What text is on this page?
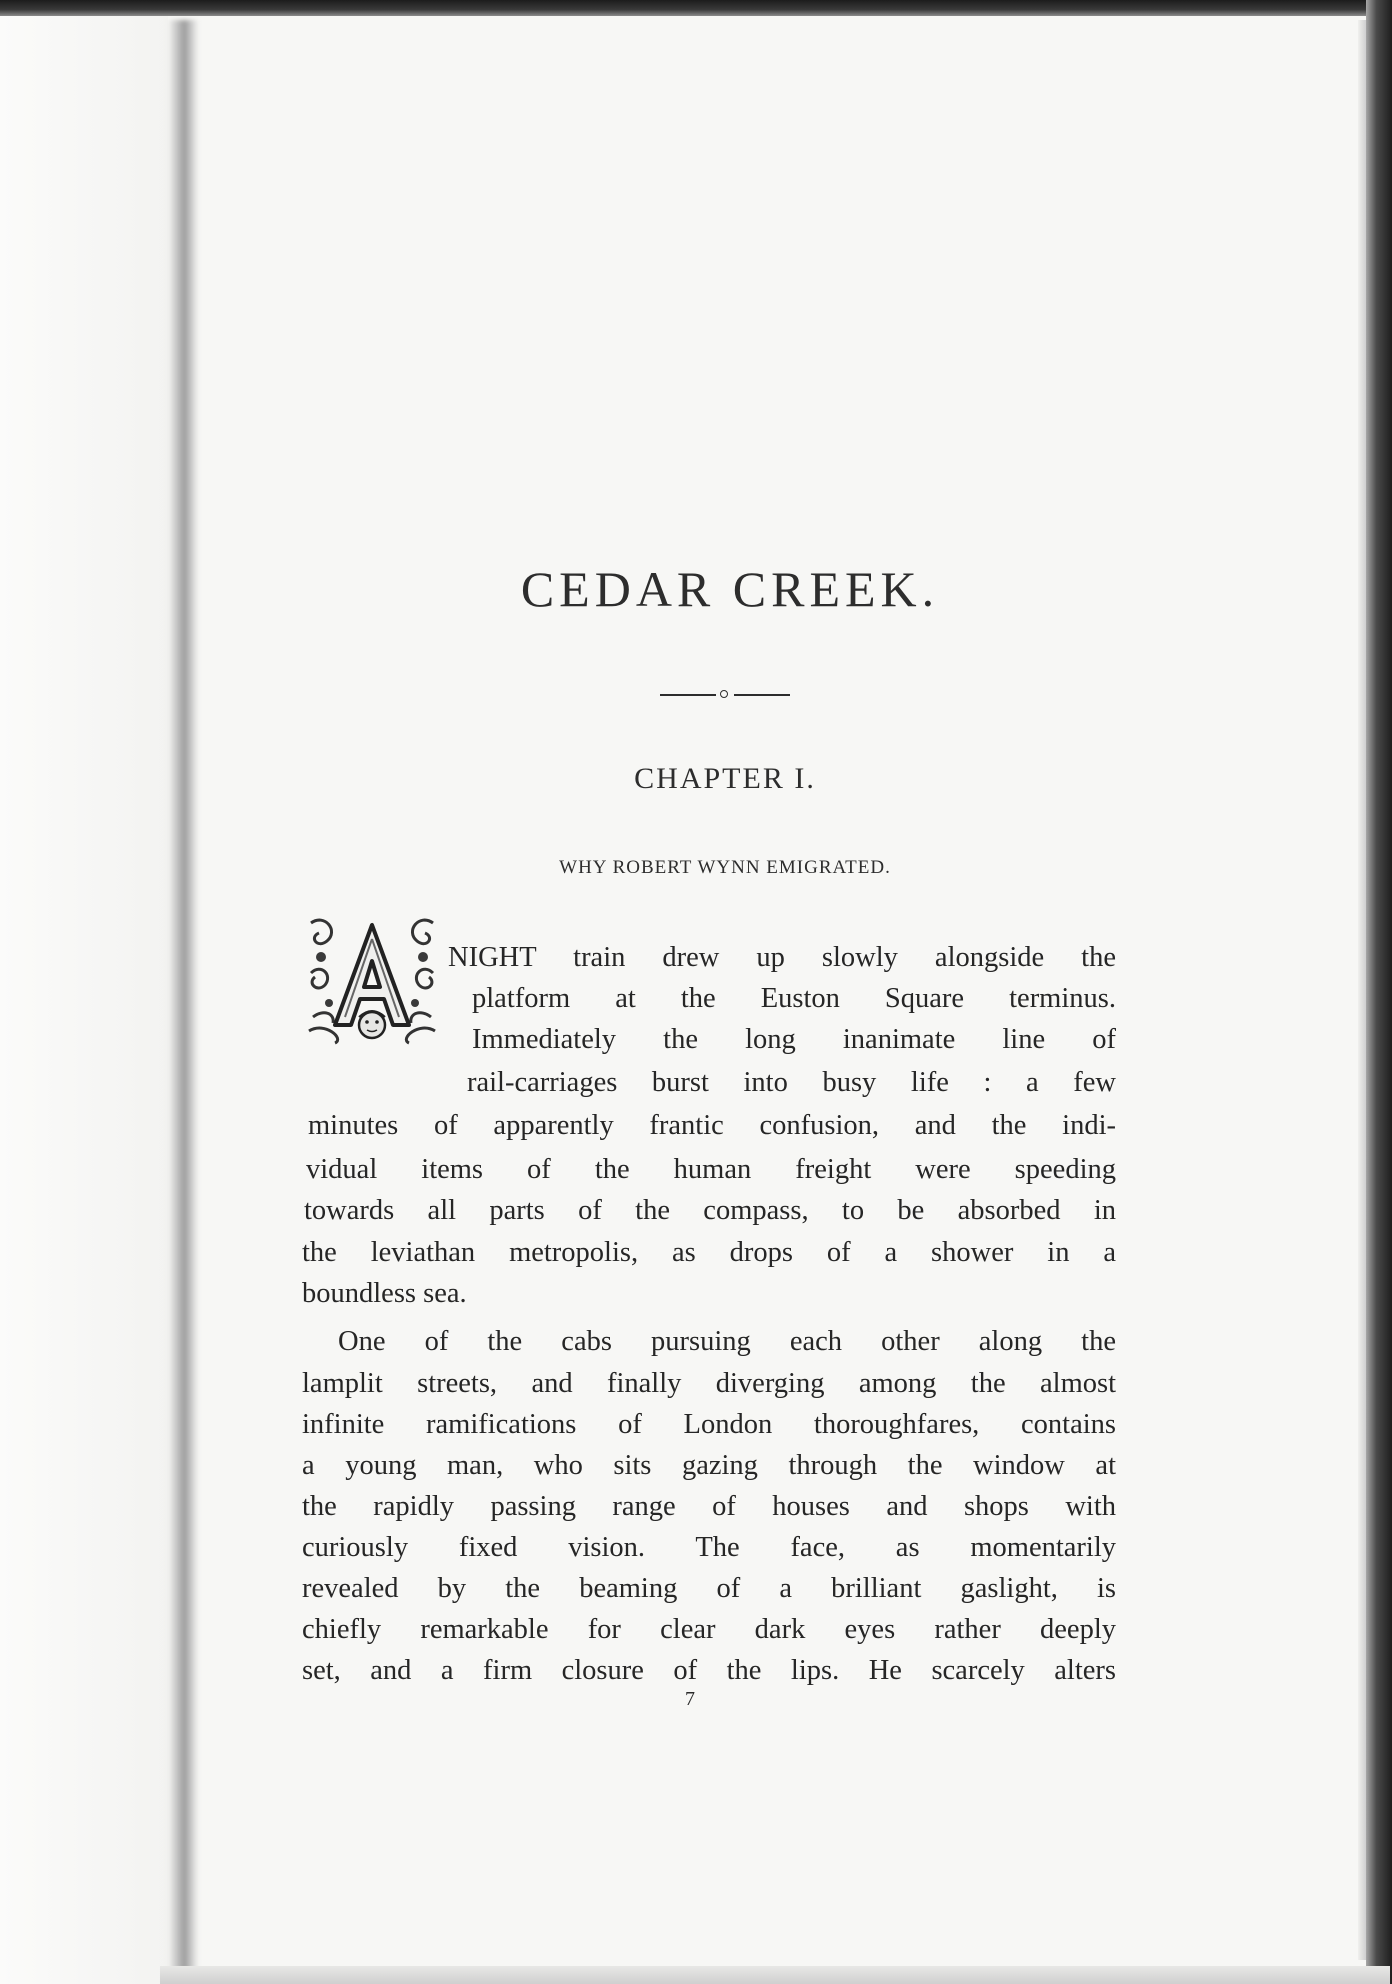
CEDAR CREEK.
CHAPTER I.
WHY ROBERT WYNN EMIGRATED.
NIGHT train drew up slowly alongside the
platform at the Euston Square terminus.
Immediately the long inanimate line of
rail-carriages burst into busy life : a few
minutes of apparently frantic confusion, and the indi-
vidual items of the human freight were speeding
towards all parts of the compass, to be absorbed in
the leviathan metropolis, as drops of a shower in a
boundless sea.
One of the cabs pursuing each other along the
lamplit streets, and finally diverging among the almost
infinite ramifications of London thoroughfares, contains
a young man, who sits gazing through the window at
the rapidly passing range of houses and shops with
curiously fixed vision. The face, as momentarily
revealed by the beaming of a brilliant gaslight, is
chiefly remarkable for clear dark eyes rather deeply
set, and a firm closure of the lips. He scarcely alters
7
